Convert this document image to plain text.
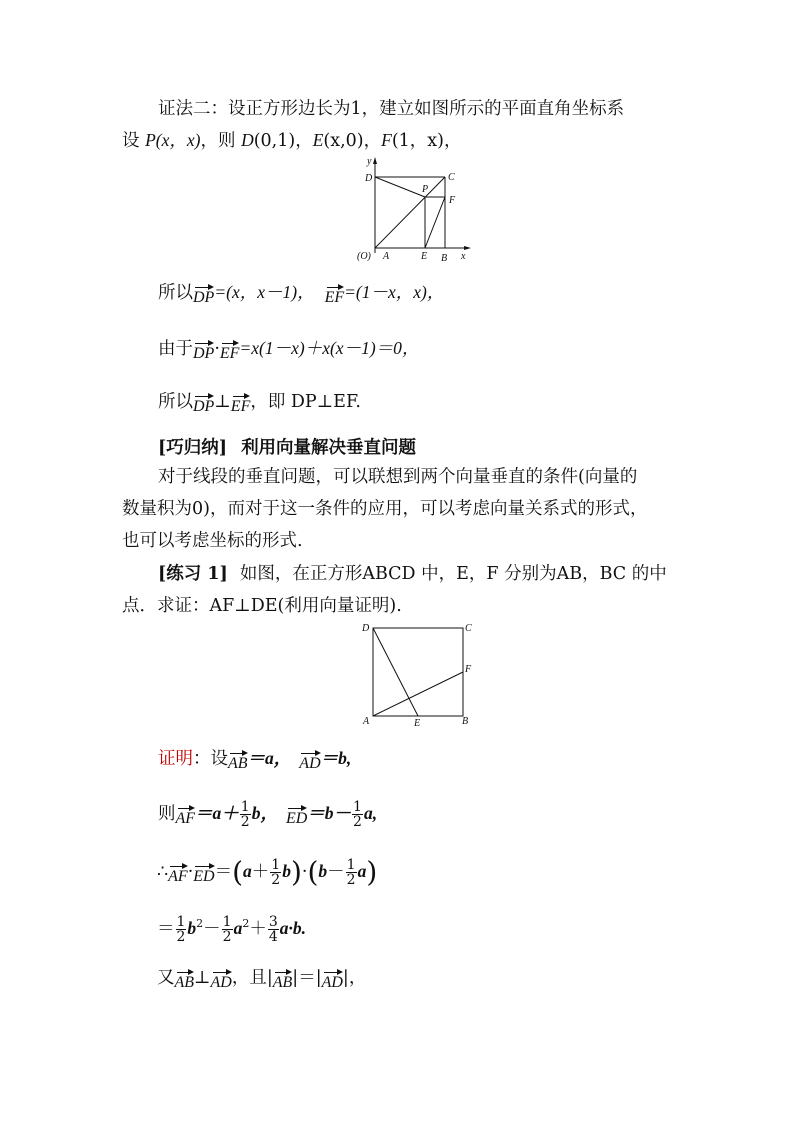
证法二：设正方形边长为1，建立如图所示的平面直角坐标系
设 P(x，x)，则 D(0,1)，E(x,0)，F(1，x)，
y
D	C
P
F
(O) A	E B x
所以DP=(x，x－1)， EF=(1－x，x)，
由于DP·EF=x(1－x)＋x(x－1)＝0，
所以DP⊥EF，即 DP⊥EF.
[巧归纳] 利用向量解决垂直问题
对于线段的垂直问题，可以联想到两个向量垂直的条件(向量的
数量积为0)，而对于这一条件的应用，可以考虑向量关系式的形式，
也可以考虑坐标的形式.
[练习 1] 如图，在正方形ABCD 中，E，F 分别为AB，BC 的中
点．求证：AF⊥DE(利用向量证明).
D	C
F
A	E	B
证明：设AB＝a， AD＝b,
则$AF=a+ \frac{1}{2}$ b， $ED=b- \frac{1}{2} a$,
∴AF·ED＝(a＋ $\frac{1}{2} b)\cdot(b- \frac{1}{2} a)$
＝ $\frac{1}{2} b^2- \frac{1}{2} a^2+ \frac{3}{4} a\cdot b$.
又AB⊥AD，且|AB|＝|AD|，
